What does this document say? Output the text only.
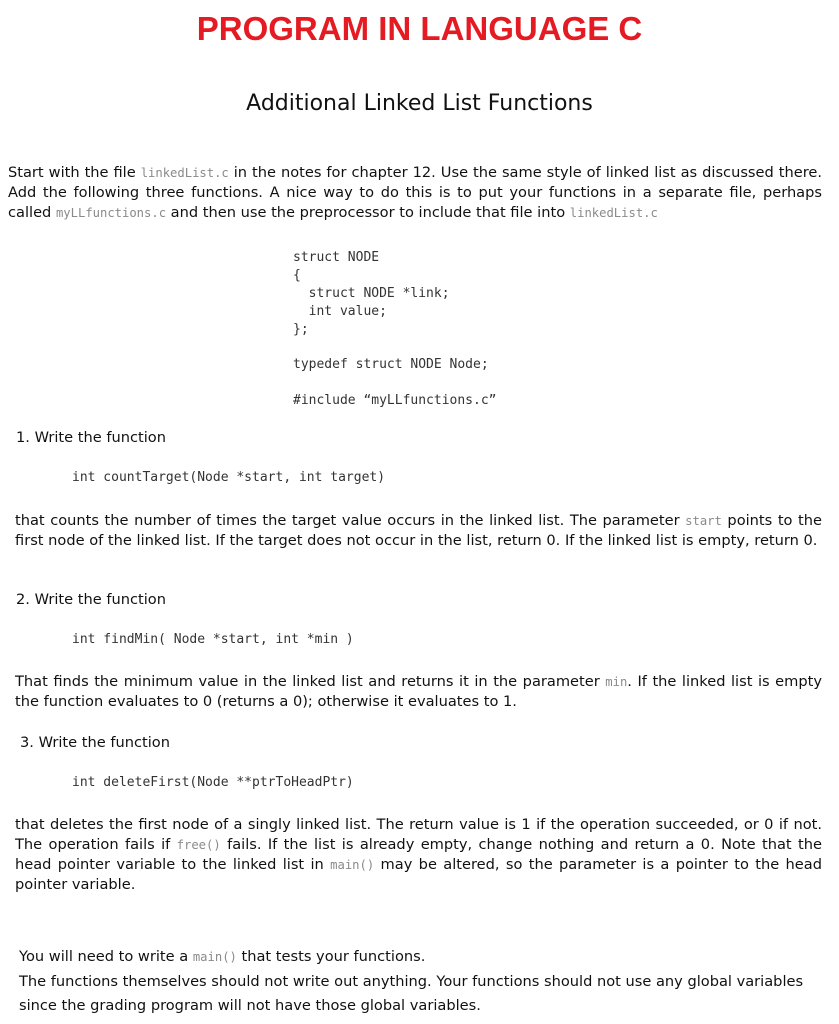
PROGRAM IN LANGUAGE C
Additional Linked List Functions
Start with the file linkedList.c in the notes for chapter 12. Use the same style of linked list as discussed there. Add the following three functions. A nice way to do this is to put your functions in a separate file, perhaps called myLLfunctions.c and then use the preprocessor to include that file into linkedList.c
struct NODE
{
struct NODE *link;
int value;
};
typedef struct NODE Node;
#include “myLLfunctions.c”
1. Write the function
int countTarget(Node *start, int target)
that counts the number of times the target value occurs in the linked list. The parameter start points to the first node of the linked list. If the target does not occur in the list, return 0. If the linked list is empty, return 0.
2. Write the function
int findMin( Node *start, int *min )
That finds the minimum value in the linked list and returns it in the parameter min. If the linked list is empty the function evaluates to 0 (returns a 0); otherwise it evaluates to 1.
3. Write the function
int deleteFirst(Node **ptrToHeadPtr)
that deletes the first node of a singly linked list. The return value is 1 if the operation succeeded, or 0 if not. The operation fails if free() fails. If the list is already empty, change nothing and return a 0. Note that the head pointer variable to the linked list in main() may be altered, so the parameter is a pointer to the head pointer variable.
You will need to write a main() that tests your functions.
The functions themselves should not write out anything. Your functions should not use any global variables since the grading program will not have those global variables.
